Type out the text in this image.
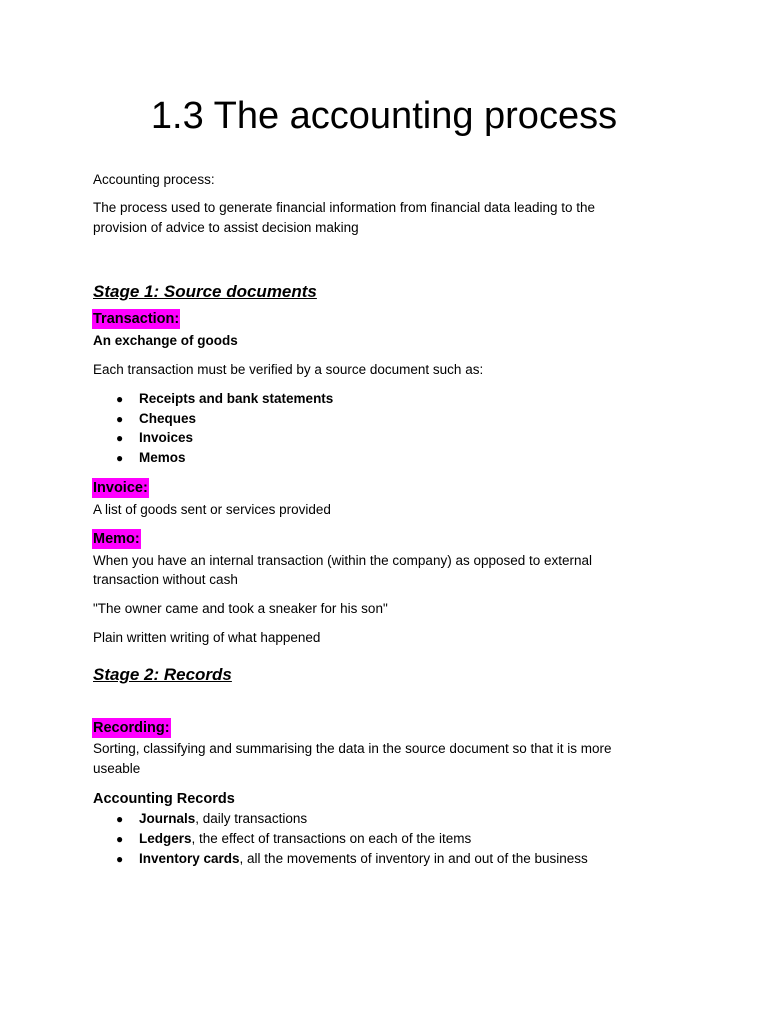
1.3 The accounting process
Accounting process:
The process used to generate financial information from financial data leading to the
provision of advice to assist decision making
Stage 1: Source documents
Transaction:
An exchange of goods
Each transaction must be verified by a source document such as:
● Receipts and bank statements
● Cheques
● Invoices
● Memos
Invoice:
A list of goods sent or services provided
Memo:
When you have an internal transaction (within the company) as opposed to external
transaction without cash
"The owner came and took a sneaker for his son"
Plain written writing of what happened
Stage 2: Records
Recording:
Sorting, classifying and summarising the data in the source document so that it is more
useable
Accounting Records
● Journals, daily transactions
● Ledgers, the effect of transactions on each of the items
● Inventory cards, all the movements of inventory in and out of the business
